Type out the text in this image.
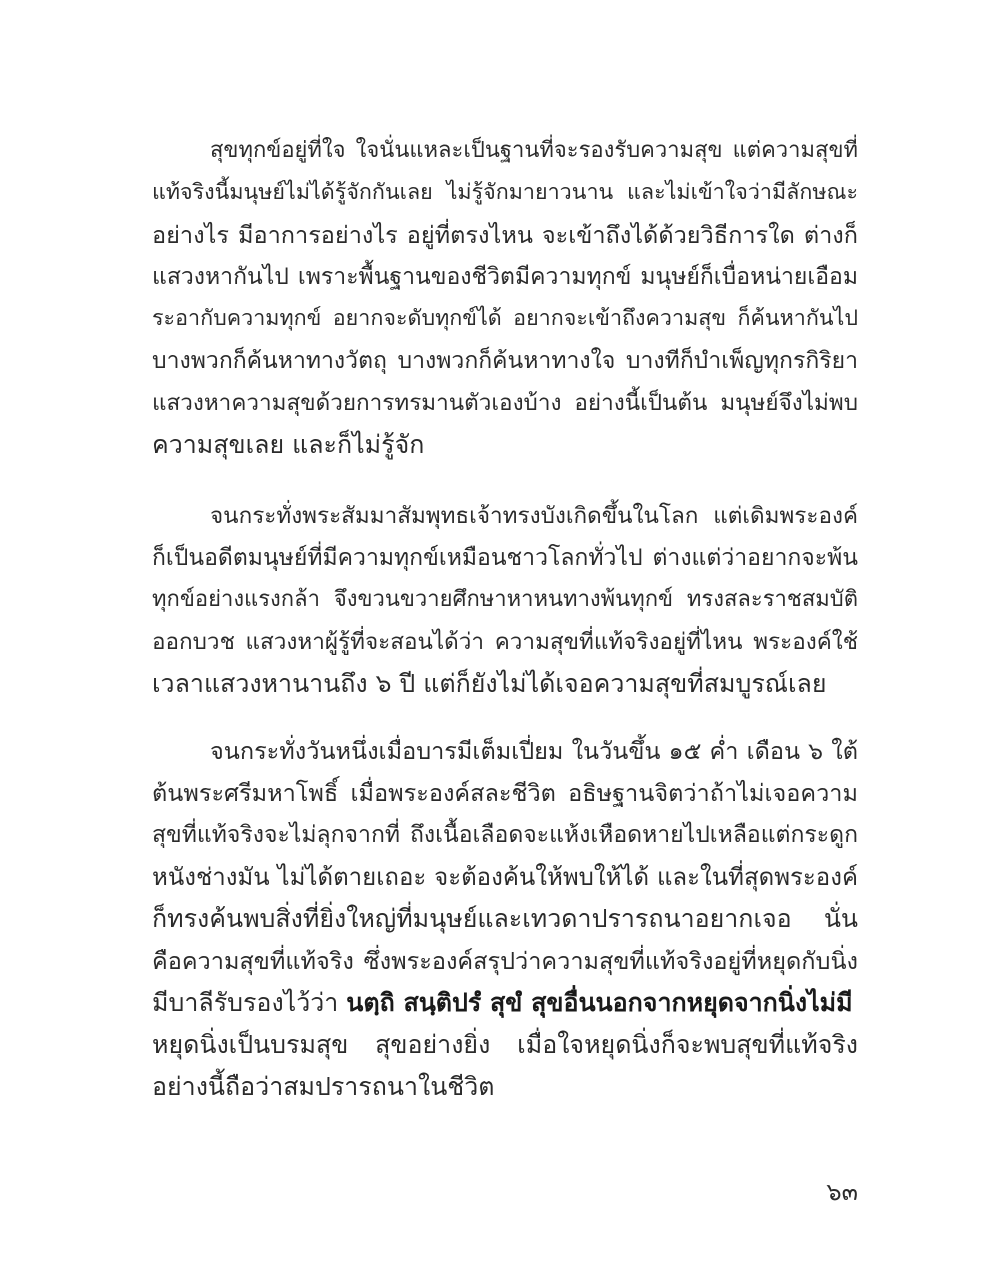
สุขทุกข์อยู่ที่ใจ ใจนั่นแหละเป็นฐานที่จะรองรับความสุข แต่ความสุขที่
แท้จริงนี้มนุษย์ไม่ได้รู้จักกันเลย ไม่รู้จักมายาวนาน และไม่เข้าใจว่ามีลักษณะ
อย่างไร มีอาการอย่างไร อยู่ที่ตรงไหน จะเข้าถึงได้ด้วยวิธีการใด ต่างก็
แสวงหากันไป เพราะพื้นฐานของชีวิตมีความทุกข์ มนุษย์ก็เบื่อหน่ายเอือม
ระอากับความทุกข์ อยากจะดับทุกข์ได้ อยากจะเข้าถึงความสุข ก็ค้นหากันไป
บางพวกก็ค้นหาทางวัตถุ บางพวกก็ค้นหาทางใจ บางทีก็บำเพ็ญทุกรกิริยา
แสวงหาความสุขด้วยการทรมานตัวเองบ้าง อย่างนี้เป็นต้น มนุษย์จึงไม่พบ
ความสุขเลย และก็ไม่รู้จัก
จนกระทั่งพระสัมมาสัมพุทธเจ้าทรงบังเกิดขึ้นในโลก แต่เดิมพระองค์
ก็เป็นอดีตมนุษย์ที่มีความทุกข์เหมือนชาวโลกทั่วไป ต่างแต่ว่าอยากจะพ้น
ทุกข์อย่างแรงกล้า จึงขวนขวายศึกษาหาหนทางพ้นทุกข์ ทรงสละราชสมบัติ
ออกบวช แสวงหาผู้รู้ที่จะสอนได้ว่า ความสุขที่แท้จริงอยู่ที่ไหน พระองค์ใช้
เวลาแสวงหานานถึง ๖ ปี แต่ก็ยังไม่ได้เจอความสุขที่สมบูรณ์เลย
จนกระทั่งวันหนึ่งเมื่อบารมีเต็มเปี่ยม ในวันขึ้น ๑๕ ค่ำ เดือน ๖ ใต้
ต้นพระศรีมหาโพธิ์ เมื่อพระองค์สละชีวิต อธิษฐานจิตว่าถ้าไม่เจอความ
สุขที่แท้จริงจะไม่ลุกจากที่ ถึงเนื้อเลือดจะแห้งเหือดหายไปเหลือแต่กระดูก
หนังช่างมัน ไม่ได้ตายเถอะ จะต้องค้นให้พบให้ได้ และในที่สุดพระองค์
ก็ทรงค้นพบสิ่งที่ยิ่งใหญ่ที่มนุษย์และเทวดาปรารถนาอยากเจอ นั่น
คือความสุขที่แท้จริง ซึ่งพระองค์สรุปว่าความสุขที่แท้จริงอยู่ที่หยุดกับนิ่ง
มีบาลีรับรองไว้ว่า นตฺถิ สนฺติปรํ สุขํ สุขอื่นนอกจากหยุดจากนิ่งไม่มี
หยุดนิ่งเป็นบรมสุข สุขอย่างยิ่ง เมื่อใจหยุดนิ่งก็จะพบสุขที่แท้จริง
อย่างนี้ถือว่าสมปรารถนาในชีวิต
๖๓
